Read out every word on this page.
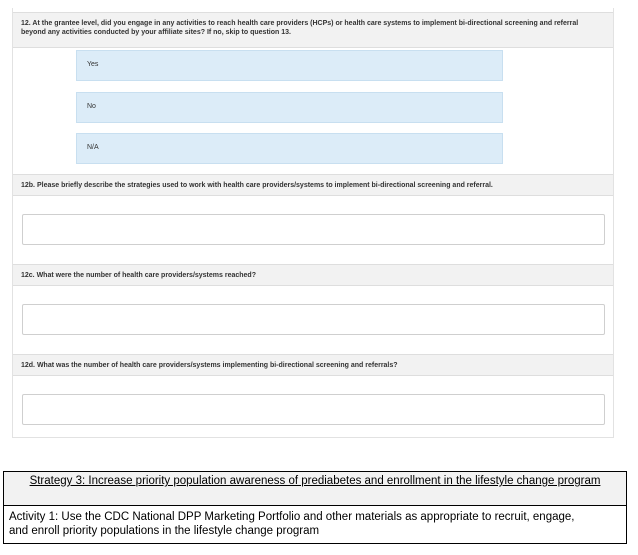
12. At the grantee level, did you engage in any activities to reach health care providers (HCPs) or health care systems to implement bi-directional screening and referral beyond any activities conducted by your affiliate sites? If no, skip to question 13.
Yes
No
N/A
12b. Please briefly describe the strategies used to work with health care providers/systems to implement bi-directional screening and referral.
12c. What were the number of health care providers/systems reached?
12d. What was the number of health care providers/systems implementing bi-directional screening and referrals?
Strategy 3: Increase priority population awareness of prediabetes and enrollment in the lifestyle change program
Activity 1: Use the CDC National DPP Marketing Portfolio and other materials as appropriate to recruit, engage, and enroll priority populations in the lifestyle change program
